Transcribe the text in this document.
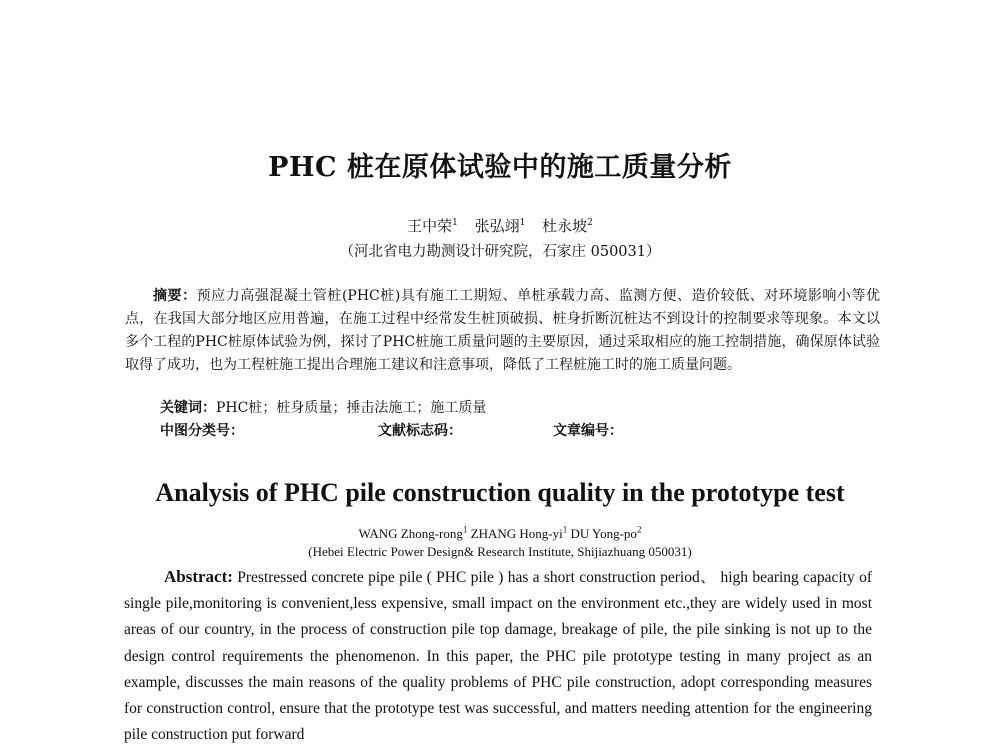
PHC 桩在原体试验中的施工质量分析
王中荣$^1$ 张弘翊$^1$ 杜永坡$^2$
（河北省电力勘测设计研究院，石家庄 050031）
摘要：预应力高强混凝土管桩(PHC桩)具有施工工期短、单桩承载力高、监测方便、造价较低、对环境影响小等优点，在我国大部分地区应用普遍，在施工过程中经常发生桩顶破损、桩身折断沉桩达不到设计的控制要求等现象。本文以多个工程的PHC桩原体试验为例，探讨了PHC桩施工质量问题的主要原因，通过采取相应的施工控制措施，确保原体试验取得了成功，也为工程桩施工提出合理施工建议和注意事项，降低了工程桩施工时的施工质量问题。
关键词：PHC桩；桩身质量；捶击法施工；施工质量
中图分类号：	文献标志码：	文章编号：
Analysis of PHC pile construction quality in the prototype test
WANG Zhong-rong$^1$ ZHANG Hong-$yi^1$ DU Yong-$po^2$
(Hebei Electric Power Design& Research Institute, Shijiazhuang 050031)
Abstract: Prestressed concrete pipe pile ( PHC pile ) has a short construction period、 high bearing capacity of single pile,monitoring is convenient,less expensive, small impact on the environment etc.,they are widely used in most areas of our country, in the process of construction pile top damage, breakage of pile, the pile sinking is not up to the design control requirements the phenomenon. In this paper, the PHC pile prototype testing in many project as an example, discusses the main reasons of the quality problems of PHC pile construction, adopt corresponding measures for construction control, ensure that the prototype test was successful, and matters needing attention for the engineering pile construction put forward
